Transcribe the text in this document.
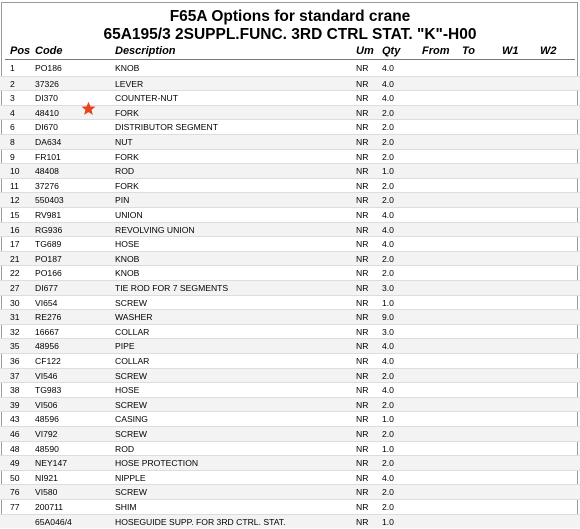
F65A Options for standard crane
65A195/3 2SUPPL.FUNC. 3RD CTRL STAT. "K"-H00
Pos Code	Description	Um Qty From To W1 W2
1 PO186	KNOB	NR 4.0
2 37326	LEVER	NR 4.0
3 DI370	COUNTER-NUT	NR 4.0
4 48410	FORK	NR 2.0
6 DI670	DISTRIBUTOR SEGMENT	NR 2.0
8 DA634	NUT	NR 2.0
9 FR101	FORK	NR 2.0
10 48408	ROD	NR 1.0
11 37276	FORK	NR 2.0
12 550403	PIN	NR 2.0
15 RV981	UNION	NR 4.0
16 RG936	REVOLVING UNION	NR 4.0
17 TG689	HOSE	NR 4.0
21 PO187	KNOB	NR 2.0
22 PO166	KNOB	NR 2.0
27 DI677	TIE ROD FOR 7 SEGMENTS	NR 3.0
30 VI654	SCREW	NR 1.0
31 RE276	WASHER	NR 9.0
32 16667	COLLAR	NR 3.0
35 48956	PIPE	NR 4.0
36 CF122	COLLAR	NR 4.0
37 VI546	SCREW	NR 2.0
38 TG983	HOSE	NR 4.0
39 VI506	SCREW	NR 2.0
43 48596	CASING	NR 1.0
46 VI792	SCREW	NR 2.0
48 48590	ROD	NR 1.0
49 NEY147	HOSE PROTECTION	NR 2.0
50 NI921	NIPPLE	NR 4.0
76 VI580	SCREW	NR 2.0
77 200711	SHIM	NR 2.0
65A046/4	HOSEGUIDE SUPP. FOR 3RD CTRL. STAT.	NR 1.0
